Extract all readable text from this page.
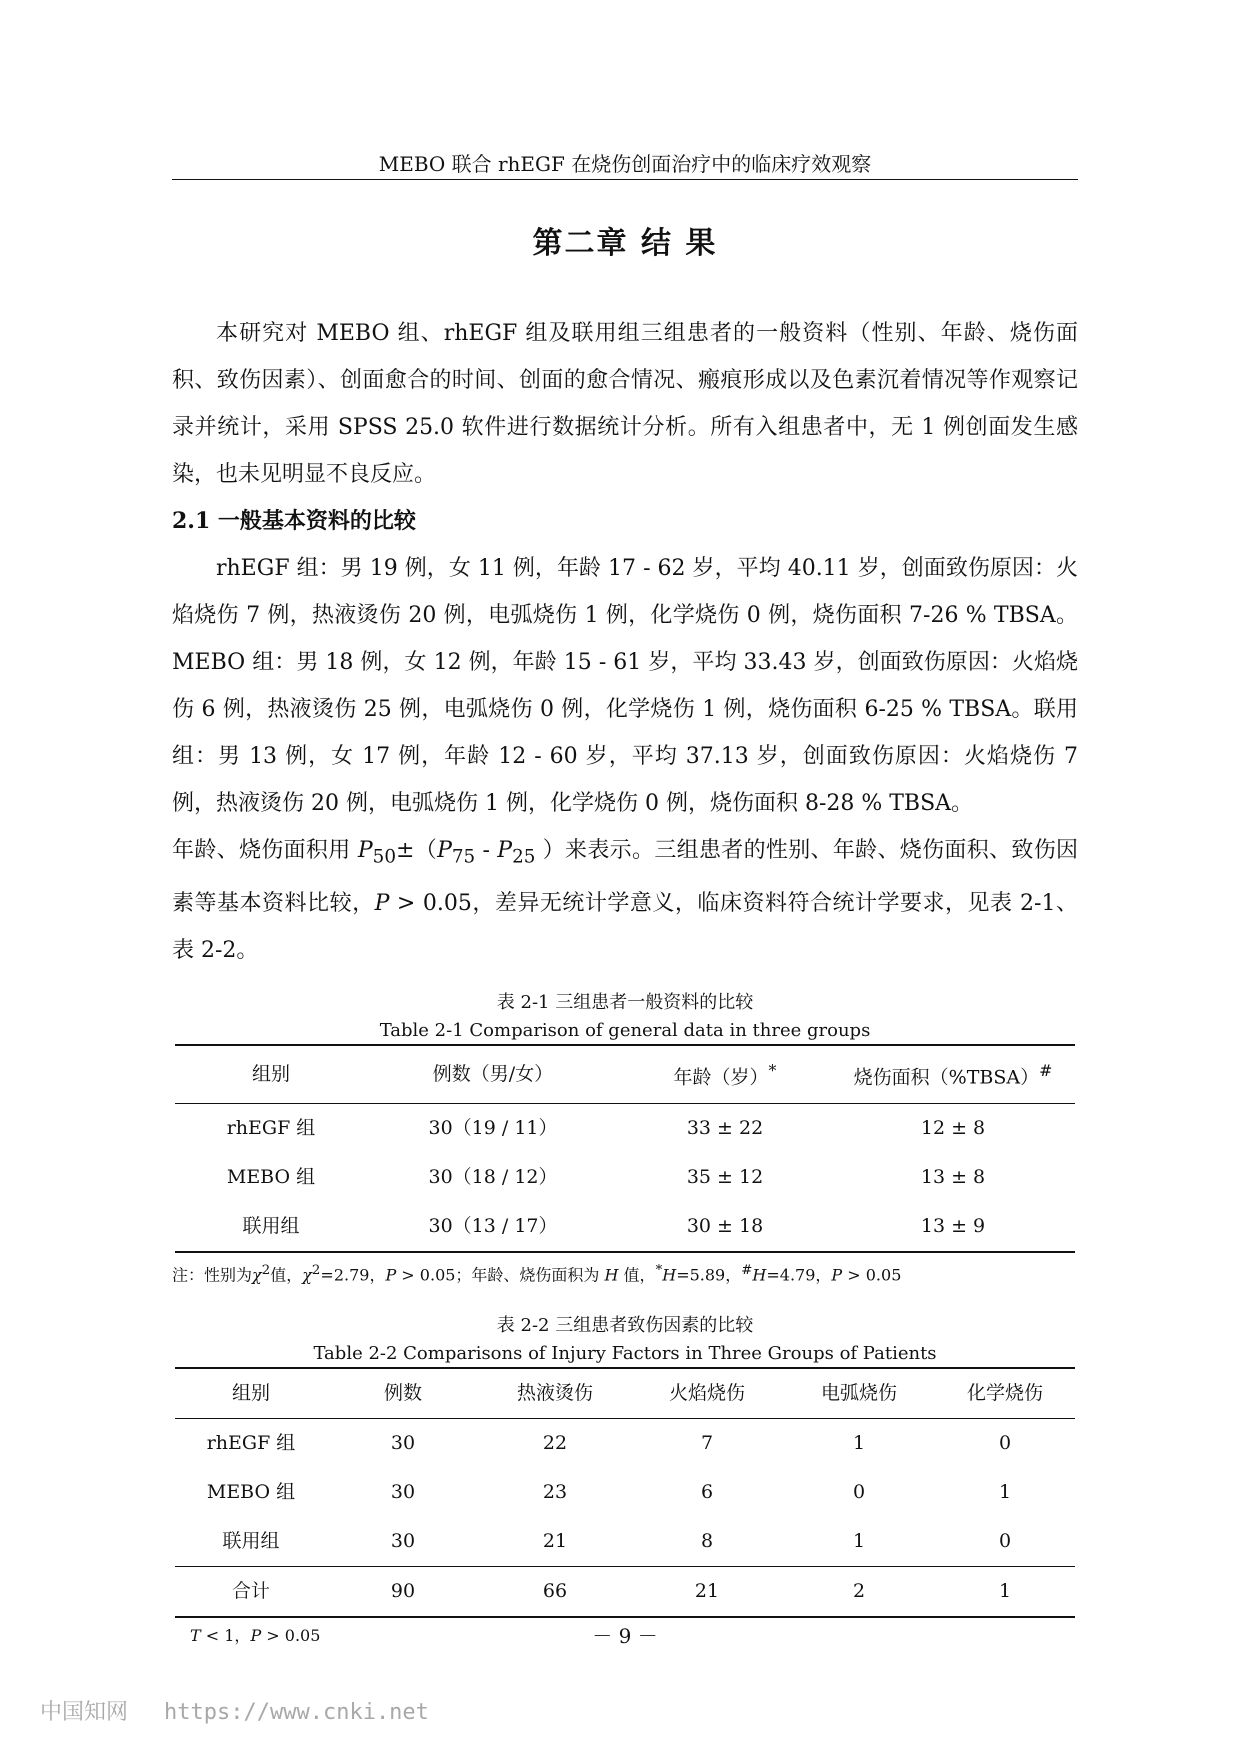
MEBO 联合 rhEGF 在烧伤创面治疗中的临床疗效观察
第二章 结 果

本研究对 MEBO 组、rhEGF 组及联用组三组患者的一般资料（性别、年龄、烧伤面积、致伤因素）、创面愈合的时间、创面的愈合情况、瘢痕形成以及色素沉着情况等作观察记录并统计，采用 SPSS 25.0 软件进行数据统计分析。所有入组患者中，无 1 例创面发生感染，也未见明显不良反应。

2.1 一般基本资料的比较

rhEGF 组：男 19 例，女 11 例，年龄 17 - 62 岁，平均 40.11 岁，创面致伤原因：火焰烧伤 7 例，热液烫伤 20 例，电弧烧伤 1 例，化学烧伤 0 例，烧伤面积 7-26 % TBSA。MEBO 组：男 18 例，女 12 例，年龄 15 - 61 岁，平均 33.43 岁，创面致伤原因：火焰烧伤 6 例，热液烫伤 25 例，电弧烧伤 0 例，化学烧伤 1 例，烧伤面积 6-25 % TBSA。联用组：男 13 例，女 17 例，年龄 12 - 60 岁，平均 37.13 岁，创面致伤原因：火焰烧伤 7 例，热液烫伤 20 例，电弧烧伤 1 例，化学烧伤 0 例，烧伤面积 8-28 % TBSA。

年龄、烧伤面积用 $P_{50}\pm(P_{75} - P_{25}$ ）来表示。三组患者的性别、年龄、烧伤面积、致伤因素等基本资料比较，P > 0.05，差异无统计学意义，临床资料符合统计学要求，见表 2-1、表 2-2。

表 2-1 三组患者一般资料的比较
Table 2-1 Comparison of general data in three groups
组别	例数（男/女）	年龄（岁）*	烧伤面积（%TBSA）#
rhEGF 组	30（19 / 11）	33 ± 22	12 ± 8
MEBO 组	30（18 / 12）	35 ± 12	13 ± 8
联用组	30（13 / 17）	30 ± 18	13 ± 9
注：性别为$\chi^2$值，$\chi^2=2.79$，P > 0.05；年龄、烧伤面积为 H 值，*H=5.89，#H=4.79，P > 0.05
表 2-2 三组患者致伤因素的比较
Table 2-2 Comparisons of Injury Factors in Three Groups of Patients
组别	例数	热液烫伤	火焰烧伤	电弧烧伤	化学烧伤
rhEGF 组	30	22	7	1	0
MEBO 组	30	23	6	0	1
联用组	30	21	8	1	0
合计	90	66	21	2	1
T < 1，P > 0.05	－ 9 －
中国知网 https://www.cnki.net
